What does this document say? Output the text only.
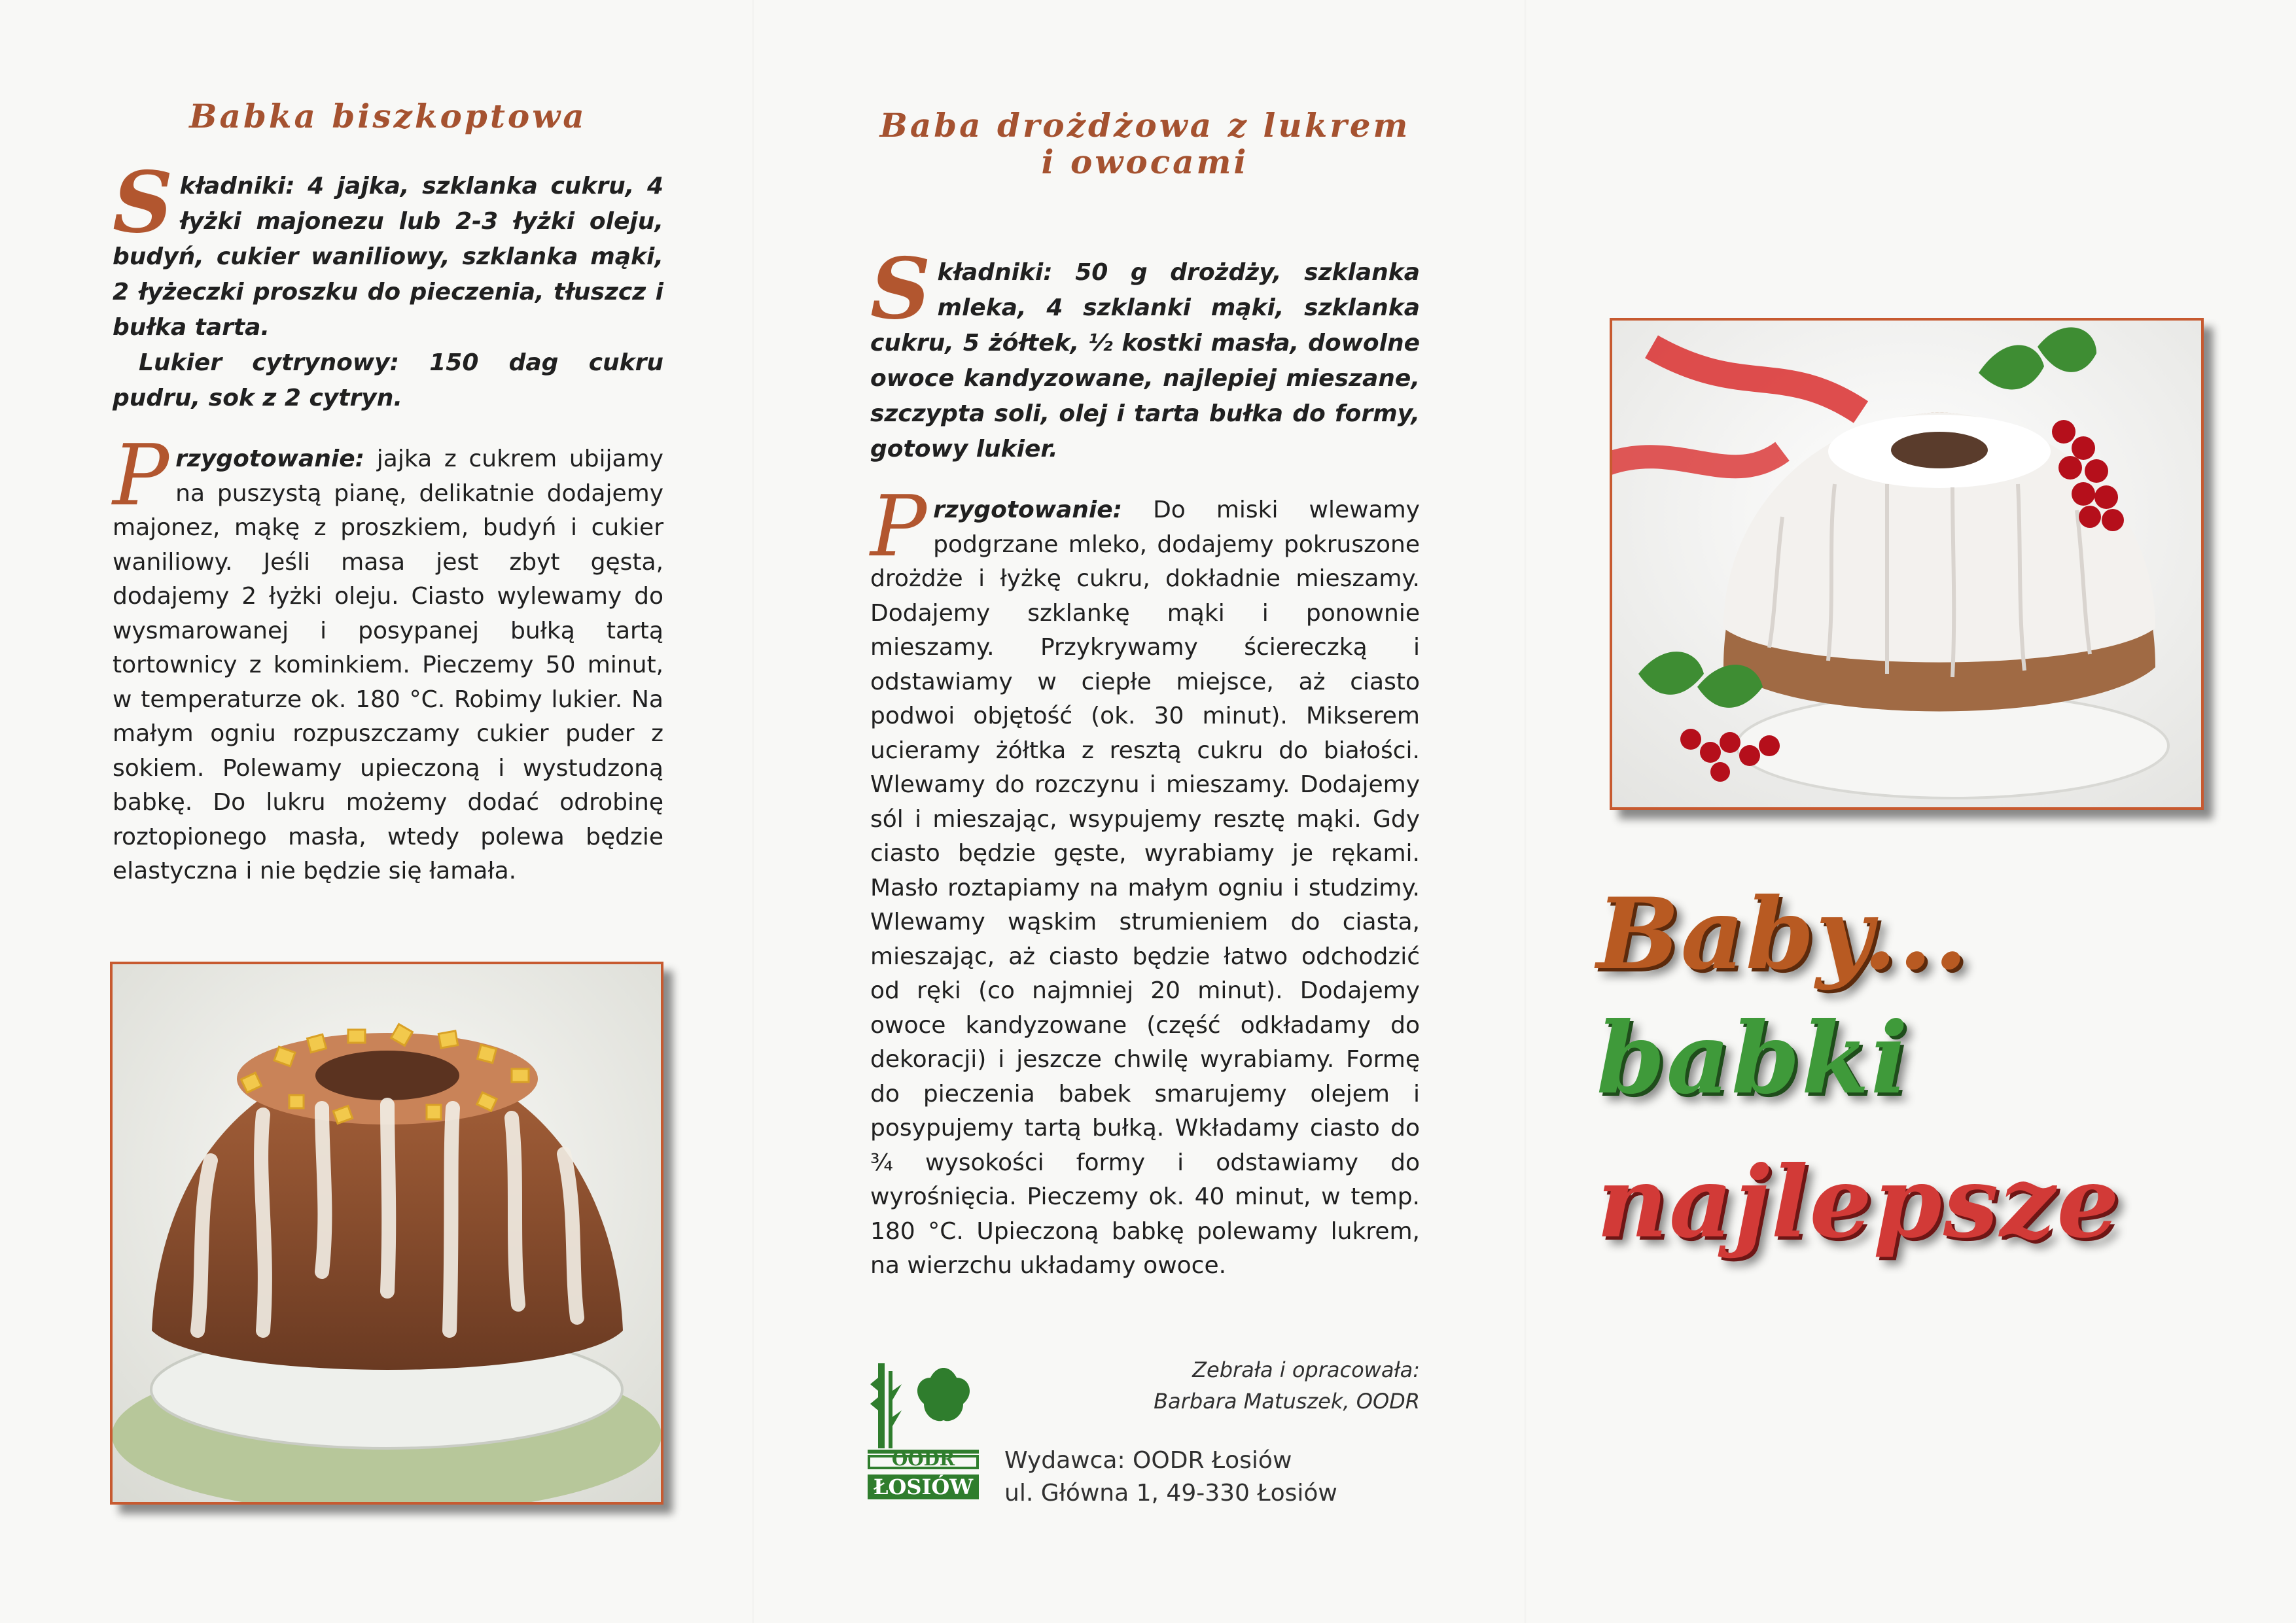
Babka biszkoptowa

Składniki: 4 jajka, szklanka cukru, 4 łyżki majonezu lub 2-3 łyżki oleju, budyń, cukier waniliowy, szklanka mąki, 2 łyżeczki proszku do pieczenia, tłuszcz i bułka tarta.

Lukier cytrynowy: 150 dag cukru pudru, sok z 2 cytryn.

Przygotowanie: jajka z cukrem ubijamy na puszystą pianę, delikatnie dodajemy majonez, mąkę z proszkiem, budyń i cukier waniliowy. Jeśli masa jest zbyt gęsta, dodajemy 2 łyżki oleju. Ciasto wylewamy do wysmarowanej i posypanej bułką tartą tortownicy z kominkiem. Pieczemy 50 minut, w temperaturze ok. 180 °C. Robimy lukier. Na małym ogniu rozpuszczamy cukier puder z sokiem. Polewamy upieczoną i wystudzoną babkę. Do lukru możemy dodać odrobinę roztopionego masła, wtedy polewa będzie elastyczna i nie będzie się łamała.

Baba drożdżowa z lukrem
i owocami

Składniki: 50 g drożdży, szklanka mleka, 4 szklanki mąki, szklanka cukru, 5 żółtek, ½ kostki masła, dowolne owoce kandyzowane, najlepiej mieszane, szczypta soli, olej i tarta bułka do formy, gotowy lukier.

Przygotowanie: Do miski wlewamy podgrzane mleko, dodajemy pokruszone drożdże i łyżkę cukru, dokładnie mieszamy. Dodajemy szklankę mąki i ponownie mieszamy. Przykrywamy ściereczką i odstawiamy w ciepłe miejsce, aż ciasto podwoi objętość (ok. 30 minut). Mikserem ucieramy żółtka z resztą cukru do białości. Wlewamy do rozczynu i mieszamy. Dodajemy sól i mieszając, wsypujemy resztę mąki. Gdy ciasto będzie gęste, wyrabiamy je rękami. Masło roztapiamy na małym ogniu i studzimy. Wlewamy wąskim strumieniem do ciasta, mieszając, aż ciasto będzie łatwo odchodzić od ręki (co najmniej 20 minut). Dodajemy owoce kandyzowane (część odkładamy do dekoracji) i jeszcze chwilę wyrabiamy. Formę do pieczenia babek smarujemy olejem i posypujemy tartą bułką. Wkładamy ciasto do ¾ wysokości formy i odstawiamy do wyrośnięcia. Pieczemy ok. 40 minut, w temp. 180 °C. Upieczoną babkę polewamy lukrem, na wierzchu układamy owoce.

Zebrała i opracowała:
Barbara Matuszek, OODR
OODR
ŁOSIÓW
Wydawca: OODR Łosiów
ul. Główna 1, 49-330 Łosiów
Baby...
babki
najlepsze
